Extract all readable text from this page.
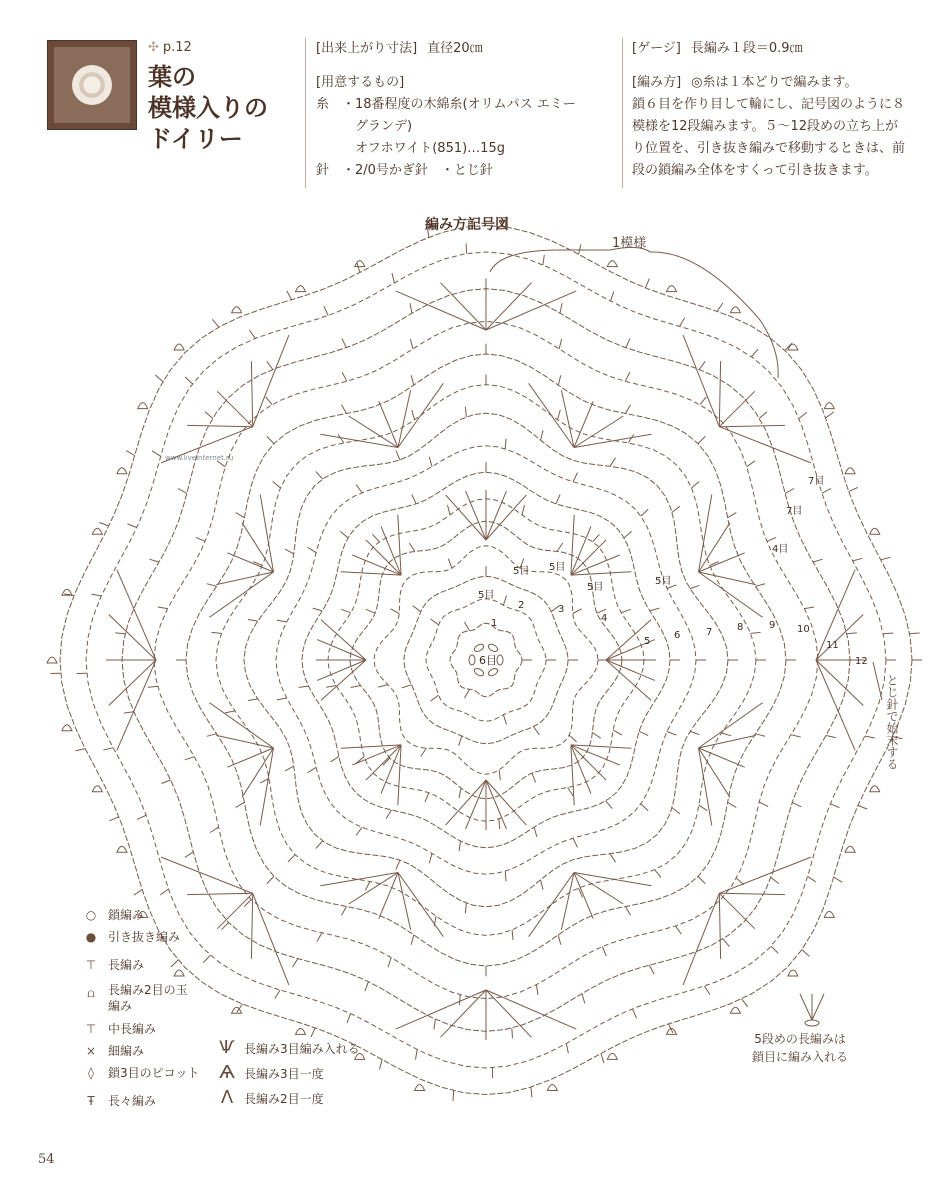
✣ p.12
葉の
模様入りの
ドイリー
[出来上がり寸法] 直径20㎝
[用意するもの]
糸　・18番程度の木綿糸(オリムパス エミー
　　　グランデ)
　　　オフホワイト(851)…15g
針　・2/0号かぎ針　・とじ針
[ゲージ] 長編み１段＝0.9㎝
[編み方] ◎糸は１本どりで編みます。
鎖６目を作り目して輪にし、記号図のように８
模様を12段編みます。５～12段めの立ち上が
り位置を、引き抜き編みで移動するときは、前
段の鎖編み全体をすくって引き抜きます。
編み方記号図
1模様
www.liveinternet.ru
6目
1
2	3
4
5
6	7 8	9 10
11
12
5目 5目
5目
5目
5目
7目
7目
4目
とじ針で始末する
○ 鎖編み
● 引き抜き編み
⊤ 長編み
⩍ 長編み2目の玉編み
⊤ 中長編み
× 細編み
◊ 鎖3目のピコット
Ŧ 長々編み
Ѱ長編み3目編み入れる
Ѧ長編み3目一度
Λ長編み2目一度
5段めの長編みは
鎖目に編み入れる
54
